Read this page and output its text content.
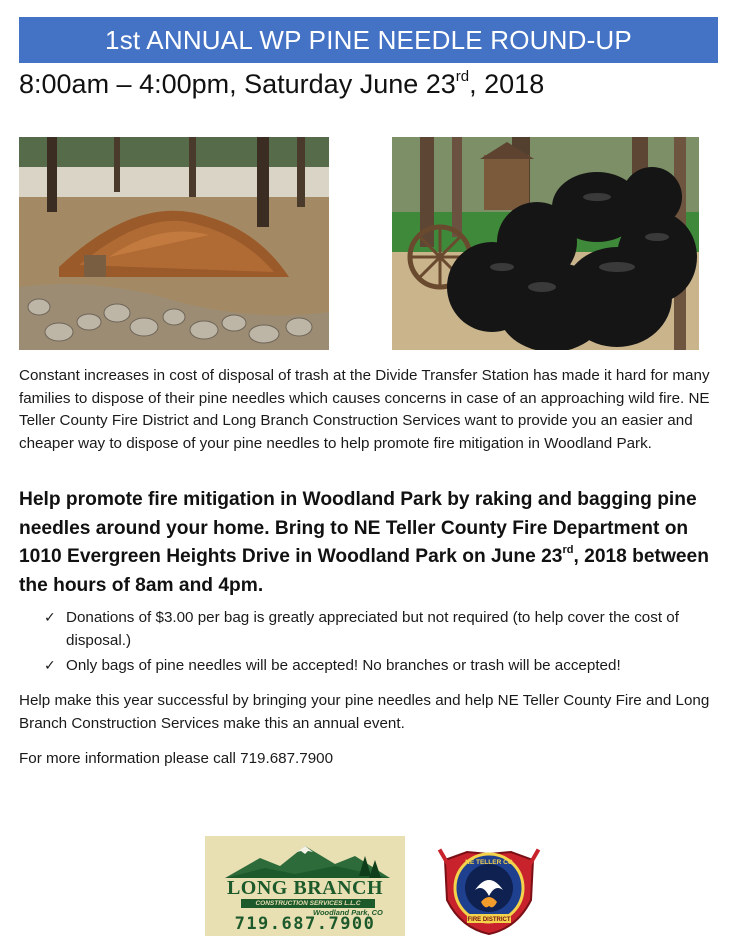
1st ANNUAL WP PINE NEEDLE ROUND-UP
8:00am – 4:00pm, Saturday June 23rd, 2018
Constant increases in cost of disposal of trash at the Divide Transfer Station has made it hard for many families to dispose of their pine needles which causes concerns in case of an approaching wild fire. NE Teller County Fire District and Long Branch Construction Services want to provide you an easier and cheaper way to dispose of your pine needles to help promote fire mitigation in Woodland Park.
Help promote fire mitigation in Woodland Park by raking and bagging pine needles around your home. Bring to NE Teller County Fire Department on 1010 Evergreen Heights Drive in Woodland Park on June 23rd, 2018 between the hours of 8am and 4pm.
✓ Donations of $3.00 per bag is greatly appreciated but not required (to help cover the cost of disposal.)
✓ Only bags of pine needles will be accepted! No branches or trash will be accepted!
Help make this year successful by bringing your pine needles and help NE Teller County Fire and Long Branch Construction Services make this an annual event.
For more information please call 719.687.7900
LONG BRANCH
CONSTRUCTION SERVICES L.L.C
Woodland Park, CO
719.687.7900
NE TELLER CO
FIRE DISTRICT
